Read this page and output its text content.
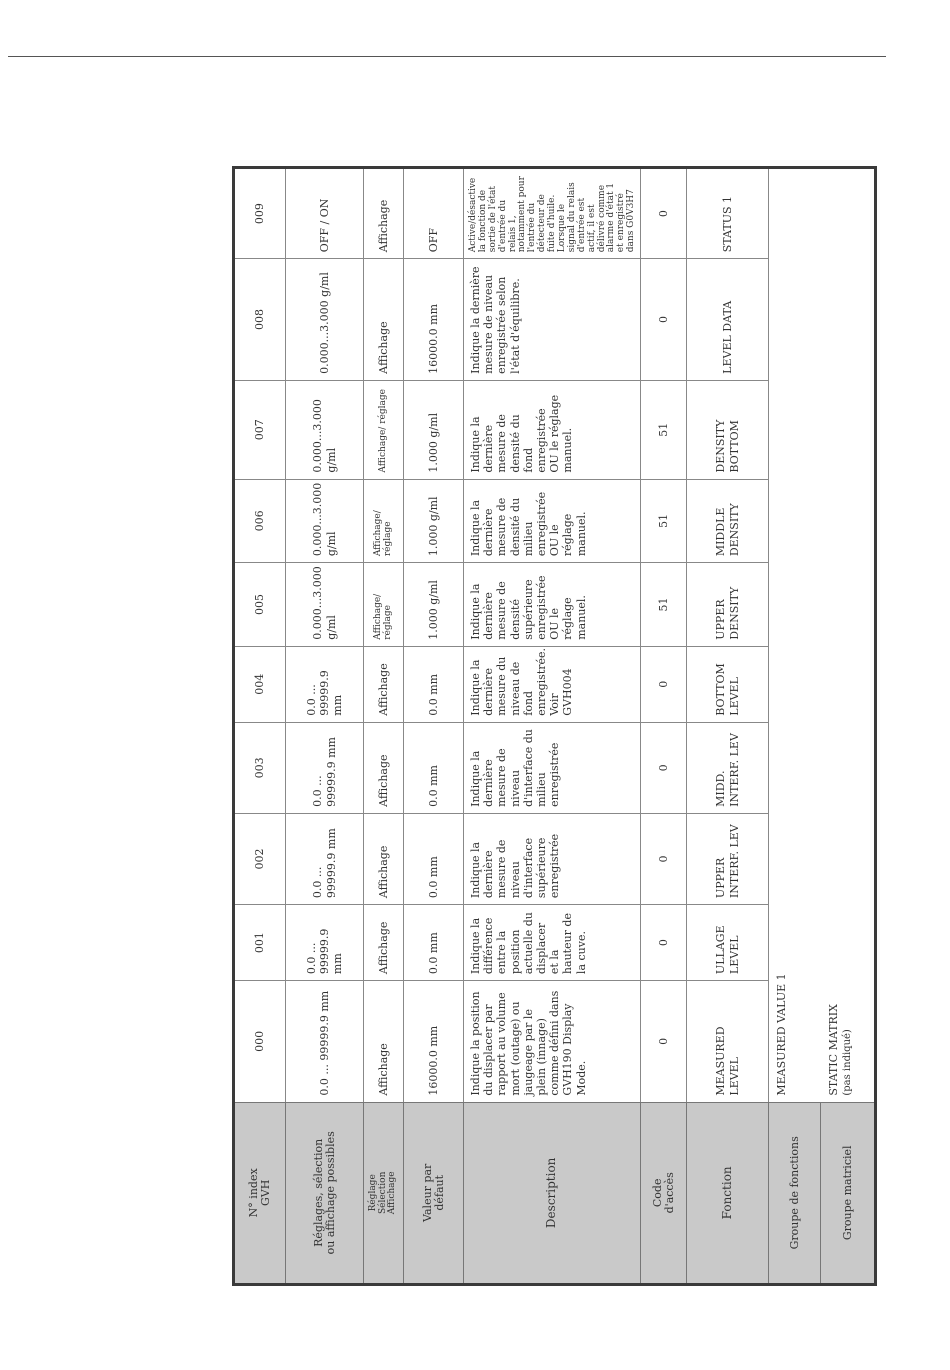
N° index
GVH	000	001	002	003	004	005	006	007	008	009
Réglages, sélection
ou affichage possibles	0.0 ... 99999.9 mm	0.0 ... 99999.9 mm	0.0 ... 99999.9 mm	0.0 ... 99999.9 mm	0.0 ... 99999.9 mm	0.000...3.000 g/ml	0.000...3.000 g/ml	0.000...3.000 g/ml	0.000...3.000 g/ml	OFF / ON
Réglage
Sélection
Affichage	Affichage	Affichage	Affichage	Affichage	Affichage	Affichage/ réglage	Affichage/ réglage	Affichage/ réglage	Affichage	Affichage
Valeur par
défaut	16000.0 mm	0.0 mm	0.0 mm	0.0 mm	0.0 mm	1.000 g/ml	1.000 g/ml	1.000 g/ml	16000.0 mm	OFF
Description	Indique la position du displacer par rapport au volume mort (outage) ou jaugeage par le plein (innage) comme défini dans GVH190 Display Mode.	Indique la différence entre la position actuelle du displacer et la hauteur de la cuve.	Indique la dernière mesure de niveau d'interface supérieure enregistrée	Indique la dernière mesure de niveau d'interface du milieu enregistrée	Indique la dernière mesure du niveau de fond enregistrée. Voir GVH004	Indique la dernière mesure de densité supérieure enregistrée OU le réglage manuel.	Indique la dernière mesure de densité du milieu enregistrée OU le réglage manuel.	Indique la dernière mesure de densité du fond enregistrée OU le réglage manuel.	Indique la dernière mesure de niveau enregistrée selon l'état d'équilibre.	Active/désactive la fonction de sortie de l'état d'entrée du relais 1, notamment pour l'entrée du détecteur de fuite d'huile. Lorsque le signal du relais d'entrée est actif, il est délivré comme alarme d'état 1 et enregistré dans G0V3H7
Code
d'accès	0	0	0	0	0	51	51	51	0	0
Fonction	MEASURED LEVEL	ULLAGE LEVEL	UPPER INTERF. LEV	MIDD. INTERF. LEV	BOTTOM LEVEL	UPPER DENSITY	MIDDLE DENSITY	DENSITY BOTTOM	LEVEL DATA	STATUS 1
Groupe de fonctions	MEASURED VALUE 1									
Groupe matriciel	STATIC MATRIX (pas indiqué)									
